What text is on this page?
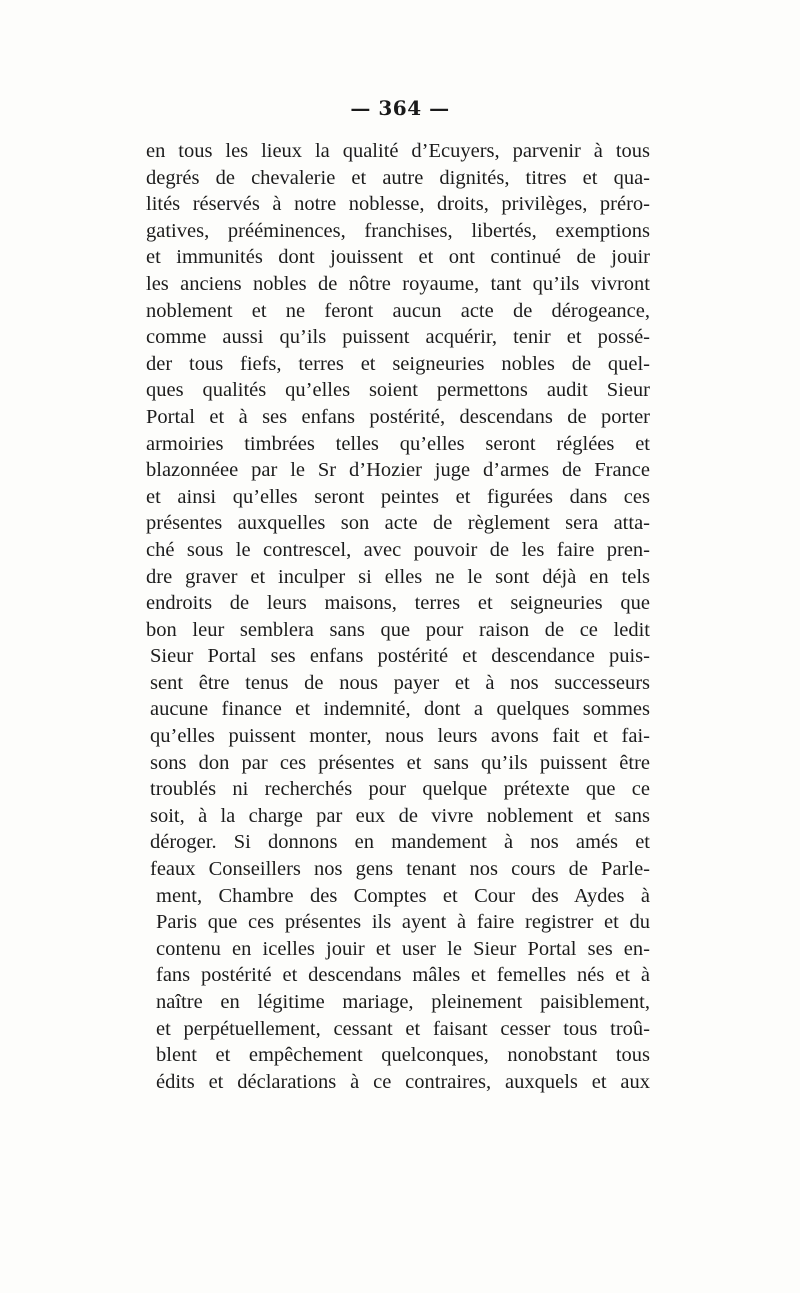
— 364 —
en tous les lieux la qualité d’Ecuyers, parvenir à tous
degrés de chevalerie et autre dignités, titres et qua-
lités réservés à notre noblesse, droits, privilèges, préro-
gatives, prééminences, franchises, libertés, exemptions
et immunités dont jouissent et ont continué de jouir
les anciens nobles de nôtre royaume, tant qu’ils vivront
noblement et ne feront aucun acte de dérogeance,
comme aussi qu’ils puissent acquérir, tenir et possé-
der tous fiefs, terres et seigneuries nobles de quel-
ques qualités qu’elles soient permettons audit Sieur
Portal et à ses enfans postérité, descendans de porter
armoiries timbrées telles qu’elles seront réglées et
blazonnéee par le Sr d’Hozier juge d’armes de France
et ainsi qu’elles seront peintes et figurées dans ces
présentes auxquelles son acte de règlement sera atta-
ché sous le contrescel, avec pouvoir de les faire pren-
dre graver et inculper si elles ne le sont déjà en tels
endroits de leurs maisons, terres et seigneuries que
bon leur semblera sans que pour raison de ce ledit
Sieur Portal ses enfans postérité et descendance puis-
sent être tenus de nous payer et à nos successeurs
aucune finance et indemnité, dont a quelques sommes
qu’elles puissent monter, nous leurs avons fait et fai-
sons don par ces présentes et sans qu’ils puissent être
troublés ni recherchés pour quelque prétexte que ce
soit, à la charge par eux de vivre noblement et sans
déroger. Si donnons en mandement à nos amés et
feaux Conseillers nos gens tenant nos cours de Parle-
ment, Chambre des Comptes et Cour des Aydes à
Paris que ces présentes ils ayent à faire registrer et du
contenu en icelles jouir et user le Sieur Portal ses en-
fans postérité et descendans mâles et femelles nés et à
naître en légitime mariage, pleinement paisiblement,
et perpétuellement, cessant et faisant cesser tous troû-
blent et empêchement quelconques, nonobstant tous
édits et déclarations à ce contraires, auxquels et aux
